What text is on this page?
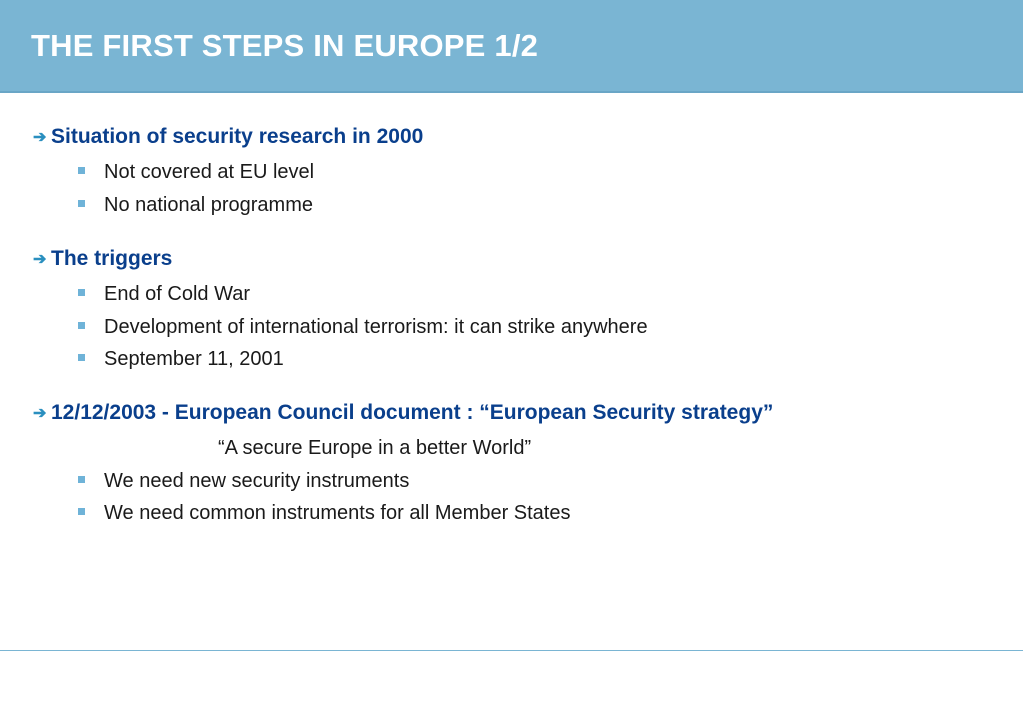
THE FIRST STEPS IN EUROPE 1/2
➔ Situation of security research in 2000
Not covered at EU level
No national programme
➔ The triggers
End of Cold War
Development of international terrorism: it can strike anywhere
September 11, 2001
➔ 12/12/2003 - European Council document : “European Security strategy”
“A secure Europe in a better World”
We need new security instruments
We need common instruments for all Member States
